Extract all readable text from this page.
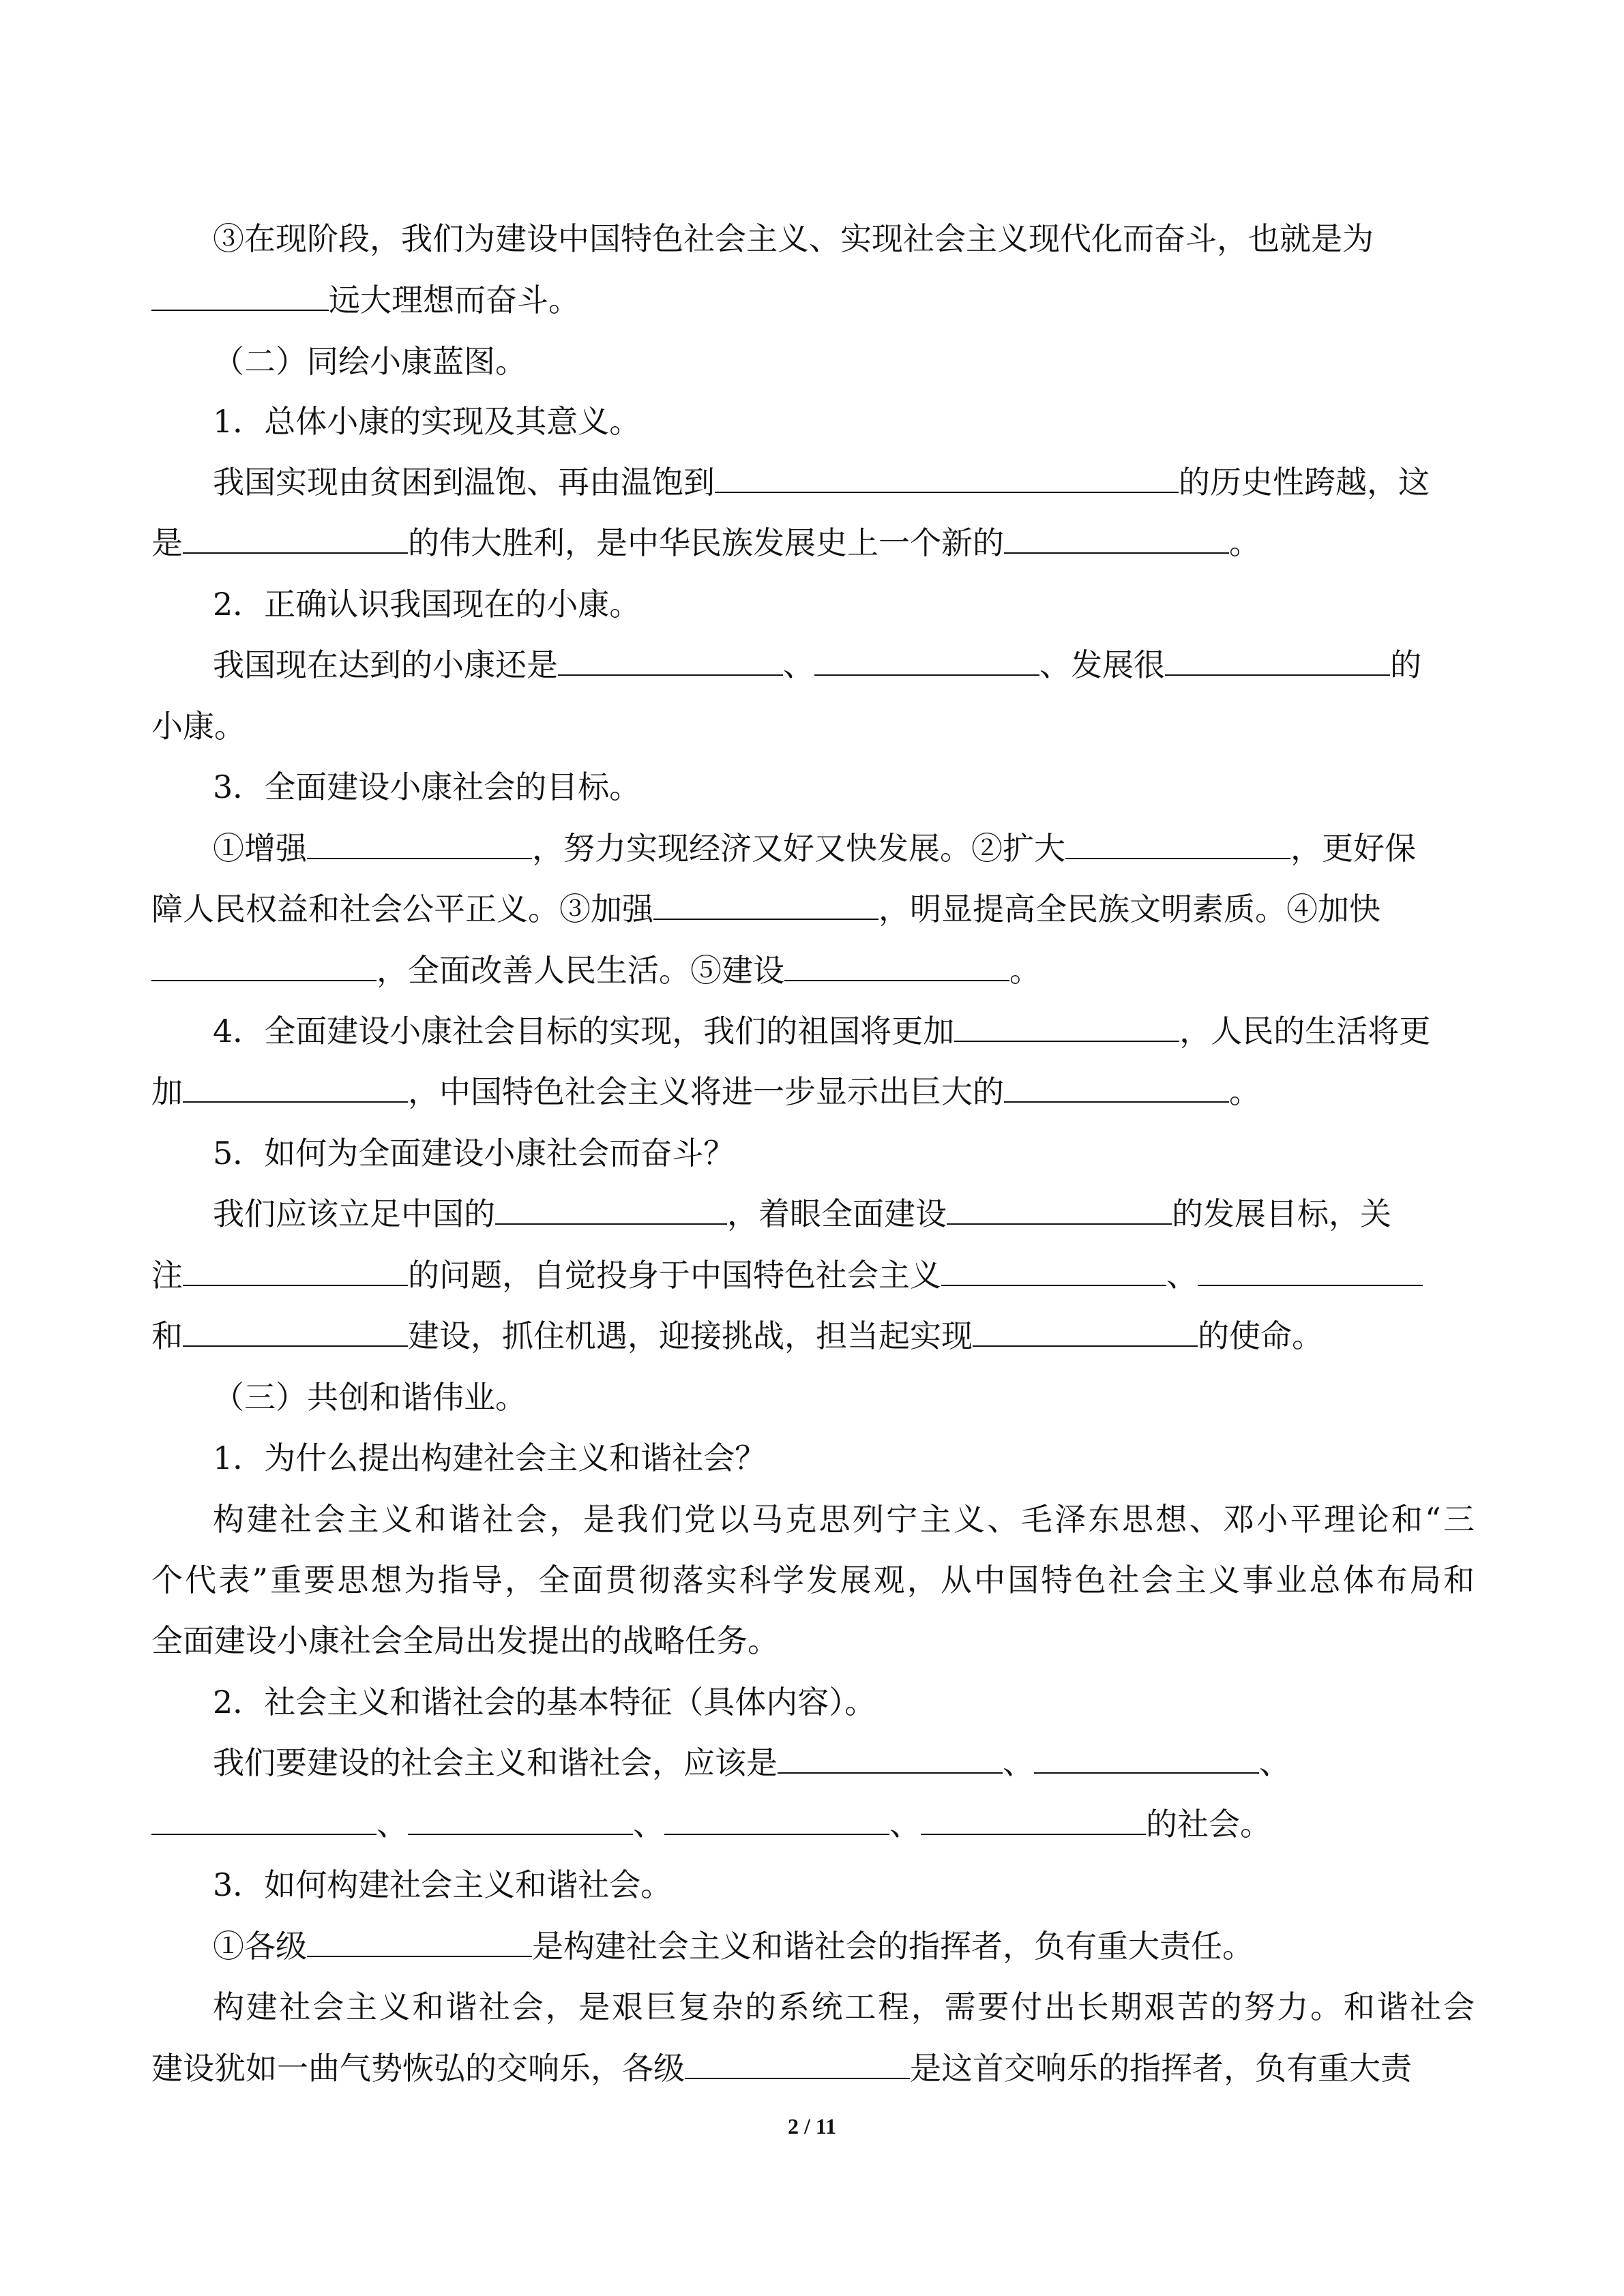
③在现阶段，我们为建设中国特色社会主义、实现社会主义现代化而奋斗，也就是为
远大理想而奋斗。
（二）同绘小康蓝图。
1．总体小康的实现及其意义。
我国实现由贫困到温饱、再由温饱到	的历史性跨越，这
是	的伟大胜利，是中华民族发展史上一个新的	。
2．正确认识我国现在的小康。
我国现在达到的小康还是	、	、发展很	的
小康。
3．全面建设小康社会的目标。
①增强	，努力实现经济又好又快发展。②扩大	，更好保
障人民权益和社会公平正义。③加强	，明显提高全民族文明素质。④加快
，全面改善人民生活。⑤建设	。
4．全面建设小康社会目标的实现，我们的祖国将更加	，人民的生活将更
加	，中国特色社会主义将进一步显示出巨大的	。
5．如何为全面建设小康社会而奋斗？
我们应该立足中国的	，着眼全面建设	的发展目标，关
注	的问题，自觉投身于中国特色社会主义	、
和	建设，抓住机遇，迎接挑战，担当起实现	的使命。
（三）共创和谐伟业。
1．为什么提出构建社会主义和谐社会？
构建社会主义和谐社会，是我们党以马克思列宁主义、毛泽东思想、邓小平理论和“三
个代表”重要思想为指导，全面贯彻落实科学发展观，从中国特色社会主义事业总体布局和
全面建设小康社会全局出发提出的战略任务。
2．社会主义和谐社会的基本特征（具体内容）。
我们要建设的社会主义和谐社会，应该是	、	、
、	、	、	的社会。
3．如何构建社会主义和谐社会。
①各级	是构建社会主义和谐社会的指挥者，负有重大责任。
构建社会主义和谐社会，是艰巨复杂的系统工程，需要付出长期艰苦的努力。和谐社会
建设犹如一曲气势恢弘的交响乐，各级	是这首交响乐的指挥者，负有重大责
2 / 11
